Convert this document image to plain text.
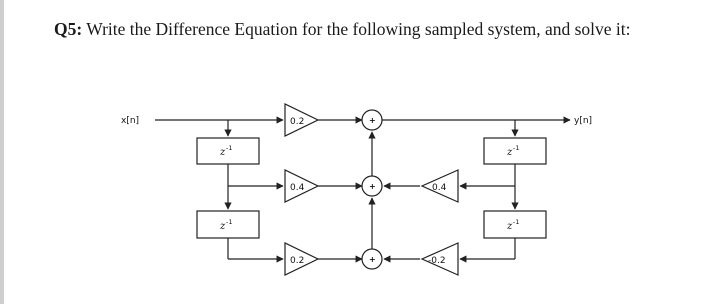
Q5: Write the Difference Equation for the following sampled system, and solve it:
x[n]	y[n]
0.2
0.4
0.2
0.4
-0.2
+
+
+
z -1
z -1
z -1
z -1
